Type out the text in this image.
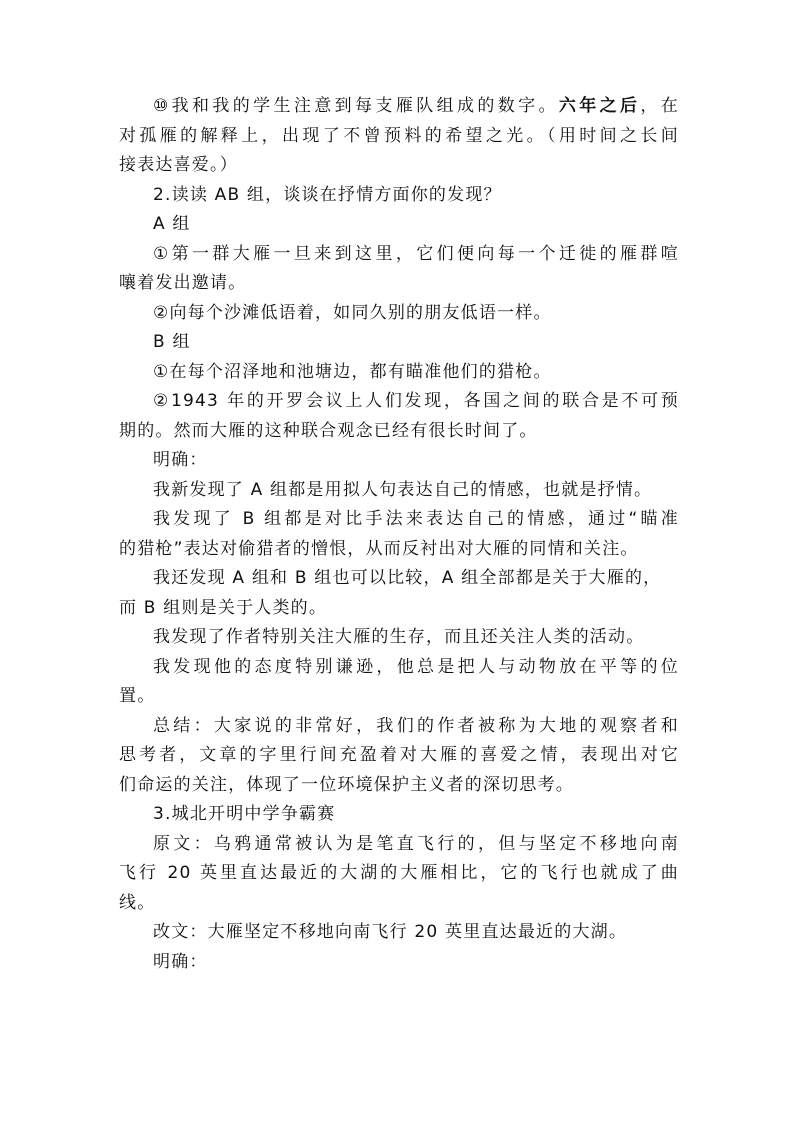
⑩我和我的学生注意到每支雁队组成的数字。六年之后，在

对孤雁的解释上，出现了不曾预料的希望之光。（用时间之长间

接表达喜爱。）

2.读读 AB 组，谈谈在抒情方面你的发现？

A 组

①第一群大雁一旦来到这里，它们便向每一个迁徙的雁群喧

嚷着发出邀请。

②向每个沙滩低语着，如同久别的朋友低语一样。

B 组

①在每个沼泽地和池塘边，都有瞄准他们的猎枪。

②1943 年的开罗会议上人们发现，各国之间的联合是不可预

期的。然而大雁的这种联合观念已经有很长时间了。

明确：

我新发现了 A 组都是用拟人句表达自己的情感，也就是抒情。

我发现了 B 组都是对比手法来表达自己的情感，通过“瞄准

的猎枪”表达对偷猎者的憎恨，从而反衬出对大雁的同情和关注。

我还发现 A 组和 B 组也可以比较，A 组全部都是关于大雁的，

而 B 组则是关于人类的。

我发现了作者特别关注大雁的生存，而且还关注人类的活动。

我发现他的态度特别谦逊，他总是把人与动物放在平等的位

置。

总结：大家说的非常好，我们的作者被称为大地的观察者和

思考者，文章的字里行间充盈着对大雁的喜爱之情，表现出对它

们命运的关注，体现了一位环境保护主义者的深切思考。

3.城北开明中学争霸赛

原文：乌鸦通常被认为是笔直飞行的，但与坚定不移地向南

飞行 20 英里直达最近的大湖的大雁相比，它的飞行也就成了曲

线。

改文：大雁坚定不移地向南飞行 20 英里直达最近的大湖。

明确：
